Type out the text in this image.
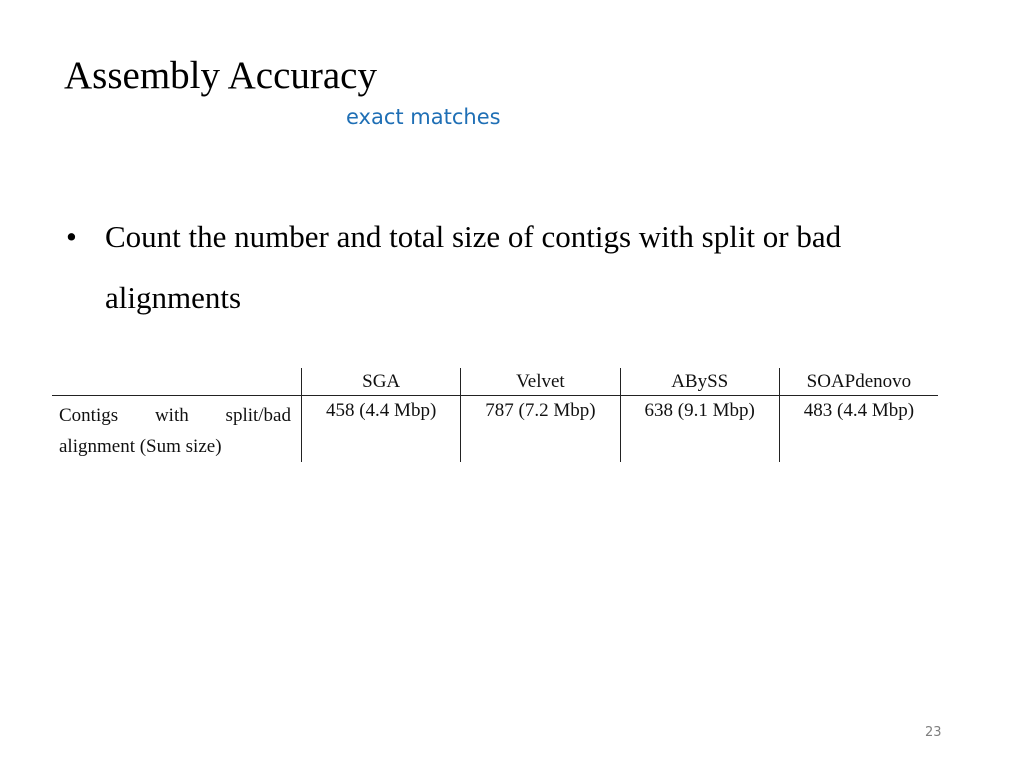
Assembly Accuracy
exact matches
• Count the number and total size of contigs with split or bad alignments
	SGA	Velvet	ABySS	SOAPdenovo
Contigs with split/bad alignment (Sum size)	458 (4.4 Mbp)	787 (7.2 Mbp)	638 (9.1 Mbp)	483 (4.4 Mbp)
23
